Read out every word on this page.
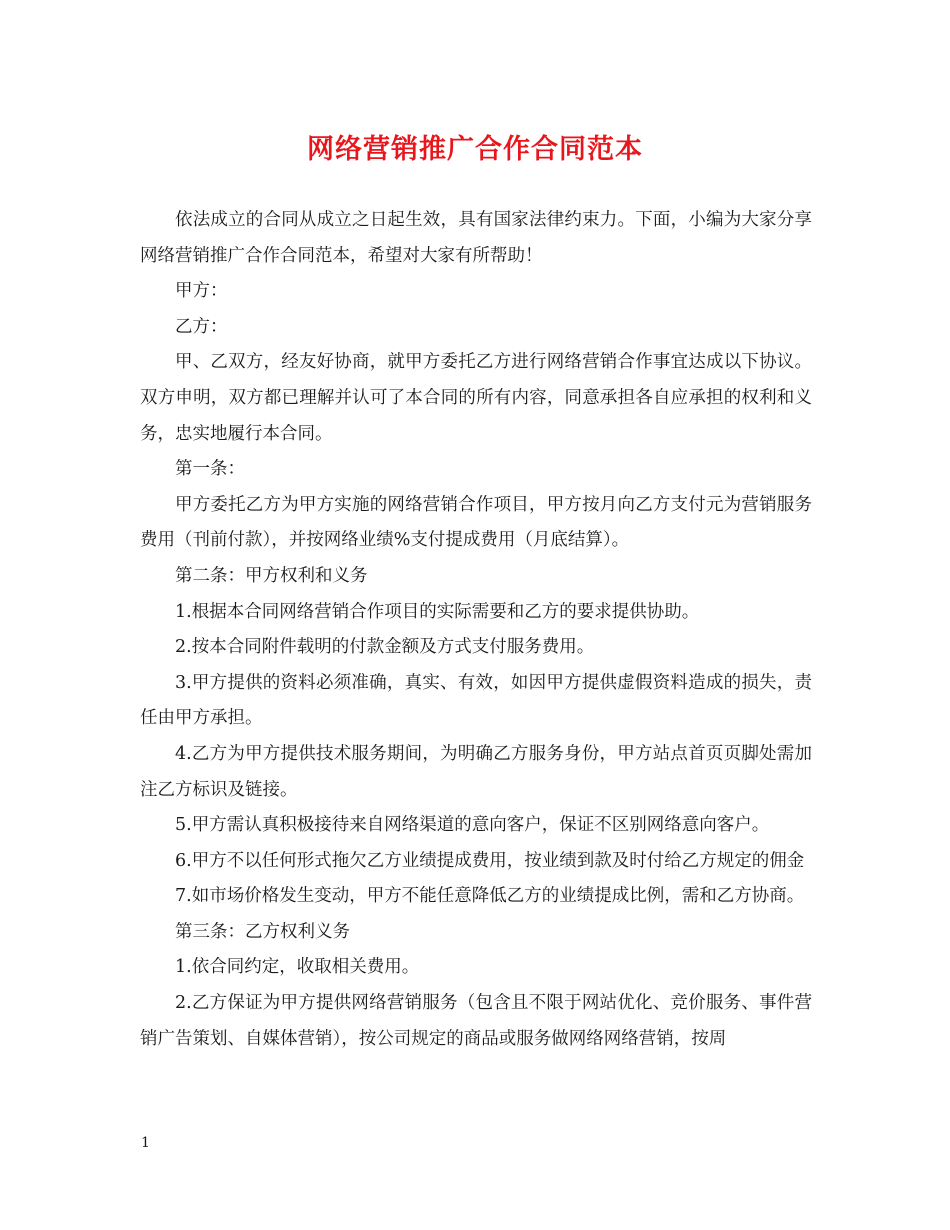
网络营销推广合作合同范本

依法成立的合同从成立之日起生效，具有国家法律约束力。下面，小编为大家分享网络营销推广合作合同范本，希望对大家有所帮助！

甲方：

乙方：

甲、乙双方，经友好协商，就甲方委托乙方进行网络营销合作事宜达成以下协议。双方申明，双方都已理解并认可了本合同的所有内容，同意承担各自应承担的权利和义务，忠实地履行本合同。

第一条：

甲方委托乙方为甲方实施的网络营销合作项目，甲方按月向乙方支付元为营销服务费用（刊前付款），并按网络业绩%支付提成费用（月底结算）。

第二条：甲方权利和义务

1.根据本合同网络营销合作项目的实际需要和乙方的要求提供协助。

2.按本合同附件载明的付款金额及方式支付服务费用。

3.甲方提供的资料必须准确，真实、有效，如因甲方提供虚假资料造成的损失，责任由甲方承担。

4.乙方为甲方提供技术服务期间，为明确乙方服务身份，甲方站点首页页脚处需加注乙方标识及链接。

5.甲方需认真积极接待来自网络渠道的意向客户，保证不区别网络意向客户。

6.甲方不以任何形式拖欠乙方业绩提成费用，按业绩到款及时付给乙方规定的佣金

7.如市场价格发生变动，甲方不能任意降低乙方的业绩提成比例，需和乙方协商。

第三条：乙方权利义务

1.依合同约定，收取相关费用。

2.乙方保证为甲方提供网络营销服务（包含且不限于网站优化、竞价服务、事件营销广告策划、自媒体营销），按公司规定的商品或服务做网络网络营销，按周

1
